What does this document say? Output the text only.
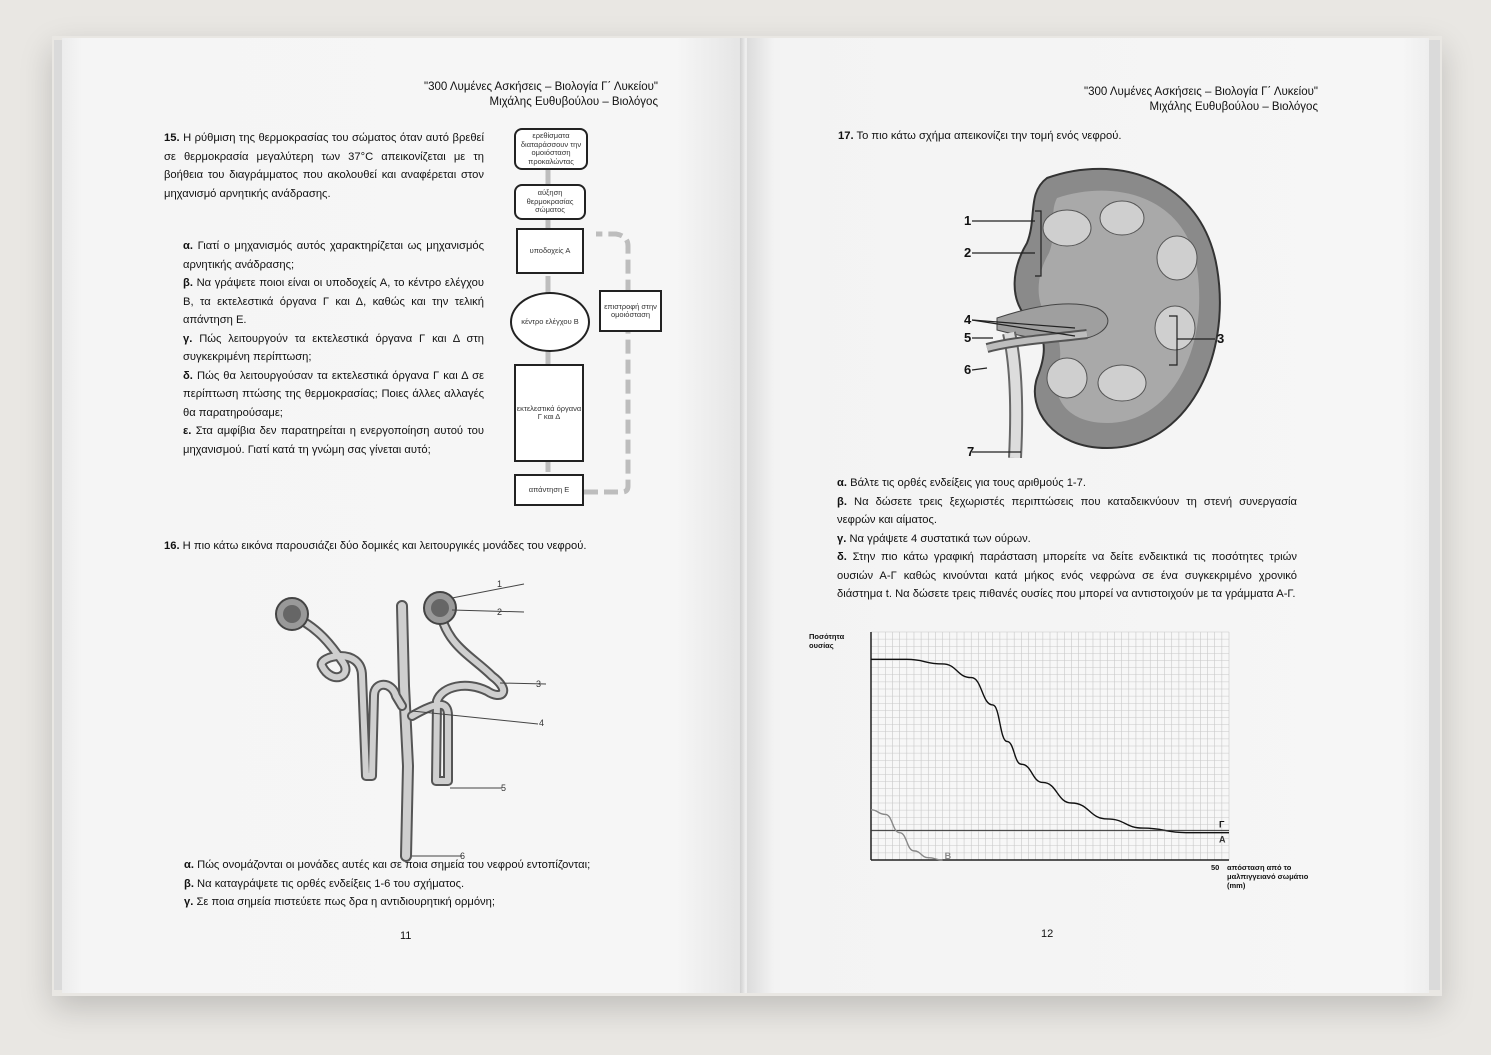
"300 Λυμένες Ασκήσεις – Βιολογία Γ΄ Λυκείου"
Μιχάλης Ευθυβούλου – Βιολόγος
15. Η ρύθμιση της θερμοκρασίας του σώματος όταν αυτό βρεθεί σε θερμοκρασία μεγαλύτερη των 37°C απεικονίζεται με τη βοήθεια του διαγράμματος που ακολουθεί και αναφέρεται στον μηχανισμό αρνητικής ανάδρασης.
α. Γιατί ο μηχανισμός αυτός χαρακτηρίζεται ως μηχανισμός αρνητικής ανάδρασης;
β. Να γράψετε ποιοι είναι οι υποδοχείς Α, το κέντρο ελέγχου Β, τα εκτελεστικά όργανα Γ και Δ, καθώς και την τελική απάντηση Ε.
γ. Πώς λειτουργούν τα εκτελεστικά όργανα Γ και Δ στη συγκεκριμένη περίπτωση;
δ. Πώς θα λειτουργούσαν τα εκτελεστικά όργανα Γ και Δ σε περίπτωση πτώσης της θερμοκρασίας; Ποιες άλλες αλλαγές θα παρατηρούσαμε;
ε. Στα αμφίβια δεν παρατηρείται η ενεργοποίηση αυτού του μηχανισμού. Γιατί κατά τη γνώμη σας γίνεται αυτό;
ερεθίσματα διαταράσσουν την ομοιόσταση προκαλώντας
αύξηση θερμοκρασίας σώματος
υποδοχείς Α
κέντρο ελέγχου Β
επιστροφή στην ομοιόσταση
εκτελεστικά όργανα Γ και Δ
απάντηση Ε
16. Η πιο κάτω εικόνα παρουσιάζει δύο δομικές και λειτουργικές μονάδες του νεφρού.
1
2
3
4
5
6
α. Πώς ονομάζονται οι μονάδες αυτές και σε ποια σημεία του νεφρού εντοπίζονται;
β. Να καταγράψετε τις ορθές ενδείξεις 1-6 του σχήματος.
γ. Σε ποια σημεία πιστεύετε πως δρα η αντιδιουρητική ορμόνη;
11
"300 Λυμένες Ασκήσεις – Βιολογία Γ΄ Λυκείου"
Μιχάλης Ευθυβούλου – Βιολόγος
17. Το πιο κάτω σχήμα απεικονίζει την τομή ενός νεφρού.
1
2
3
4
5
6
7
α. Βάλτε τις ορθές ενδείξεις για τους αριθμούς 1-7.
β. Να δώσετε τρεις ξεχωριστές περιπτώσεις που καταδεικνύουν τη στενή συνεργασία νεφρών και αίματος.
γ. Να γράψετε 4 συστατικά των ούρων.
δ. Στην πιο κάτω γραφική παράσταση μπορείτε να δείτε ενδεικτικά τις ποσότητες τριών ουσιών Α-Γ καθώς κινούνται κατά μήκος ενός νεφρώνα σε ένα συγκεκριμένο χρονικό διάστημα t. Να δώσετε τρεις πιθανές ουσίες που μπορεί να αντιστοιχούν με τα γράμματα Α-Γ.
Ποσότητα ουσίας
Γ
Α
Β
50 απόσταση από το μαλπιγγειανό σωμάτιο (mm)
12
